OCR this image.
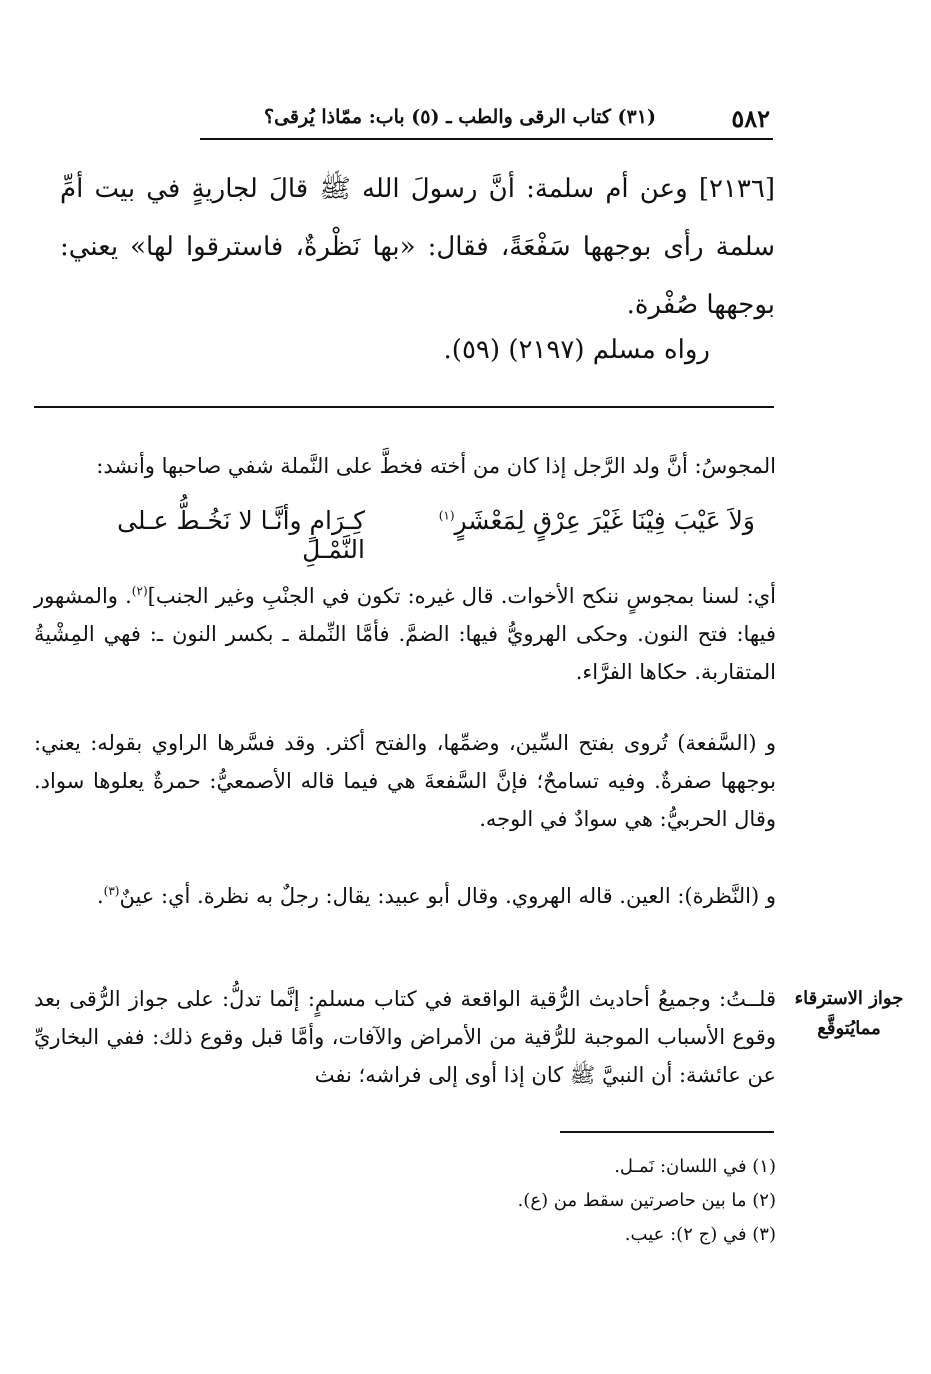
٥٨٢
(٣١) كتاب الرقى والطب ـ (٥) باب: ممّاذا يُرقى؟
[٢١٣٦] وعن أم سلمة: أنَّ رسولَ الله ﷺ قالَ لجاريةٍ في بيت أمِّ سلمة رأى بوجهها سَفْعَةً، فقال: «بها نَظْرةٌ، فاسترقوا لها» يعني: بوجهها صُفْرة.
رواه مسلم (٢١٩٧) (٥٩).
المجوسُ: أنَّ ولد الرَّجل إذا كان من أخته فخطَّ على النَّملة شفي صاحبها وأنشد:
وَلاَ عَيْبَ فِيْنَا غَيْرَ عِرْقٍ لِمَعْشَرٍ$^{(١)}$
كِـرَامٍ وأنَّـا لا نَخُـطُّ عـلى النَّمْـلِ
أي: لسنا بمجوسٍ ننكح الأخوات. قال غيره: تكون في الجنْبِ وغير الجنب]$^{(٢)}$. والمشهور فيها: فتح النون. وحكى الهرويُّ فيها: الضمَّ. فأمَّا النِّملة ـ بكسر النون ـ: فهي المِشْيةُ المتقاربة. حكاها الفرَّاء.
و (السَّفعة) تُروى بفتح السِّين، وضمِّها، والفتح أكثر. وقد فسَّرها الراوي بقوله: يعني: بوجهها صفرةٌ. وفيه تسامحٌ؛ فإنَّ السَّفعةَ هي فيما قاله الأصمعيُّ: حمرةٌ يعلوها سواد. وقال الحربيُّ: هي سوادٌ في الوجه.
و (النَّظرة): العين. قاله الهروي. وقال أبو عبيد: يقال: رجلٌ به نظرة. أي: عينٌ$^{(٣)}$.
قلــتُ: وجميعُ أحاديث الرُّقية الواقعة في كتاب مسلمٍ: إنَّما تدلُّ: على جواز الرُّقى بعد وقوع الأسباب الموجبة للرُّقية من الأمراض والآفات، وأمَّا قبل وقوع ذلك: ففي البخاريِّ عن عائشة: أن النبيَّ ﷺ كان إذا أوى إلى فراشه؛ نفث
جواز الاسترقاء
ممايُتوقَّع
(١) في اللسان: نَمـل.
(٢) ما بين حاصرتين سقط من (ع).
(٣) في (ج ٢): عيب.
